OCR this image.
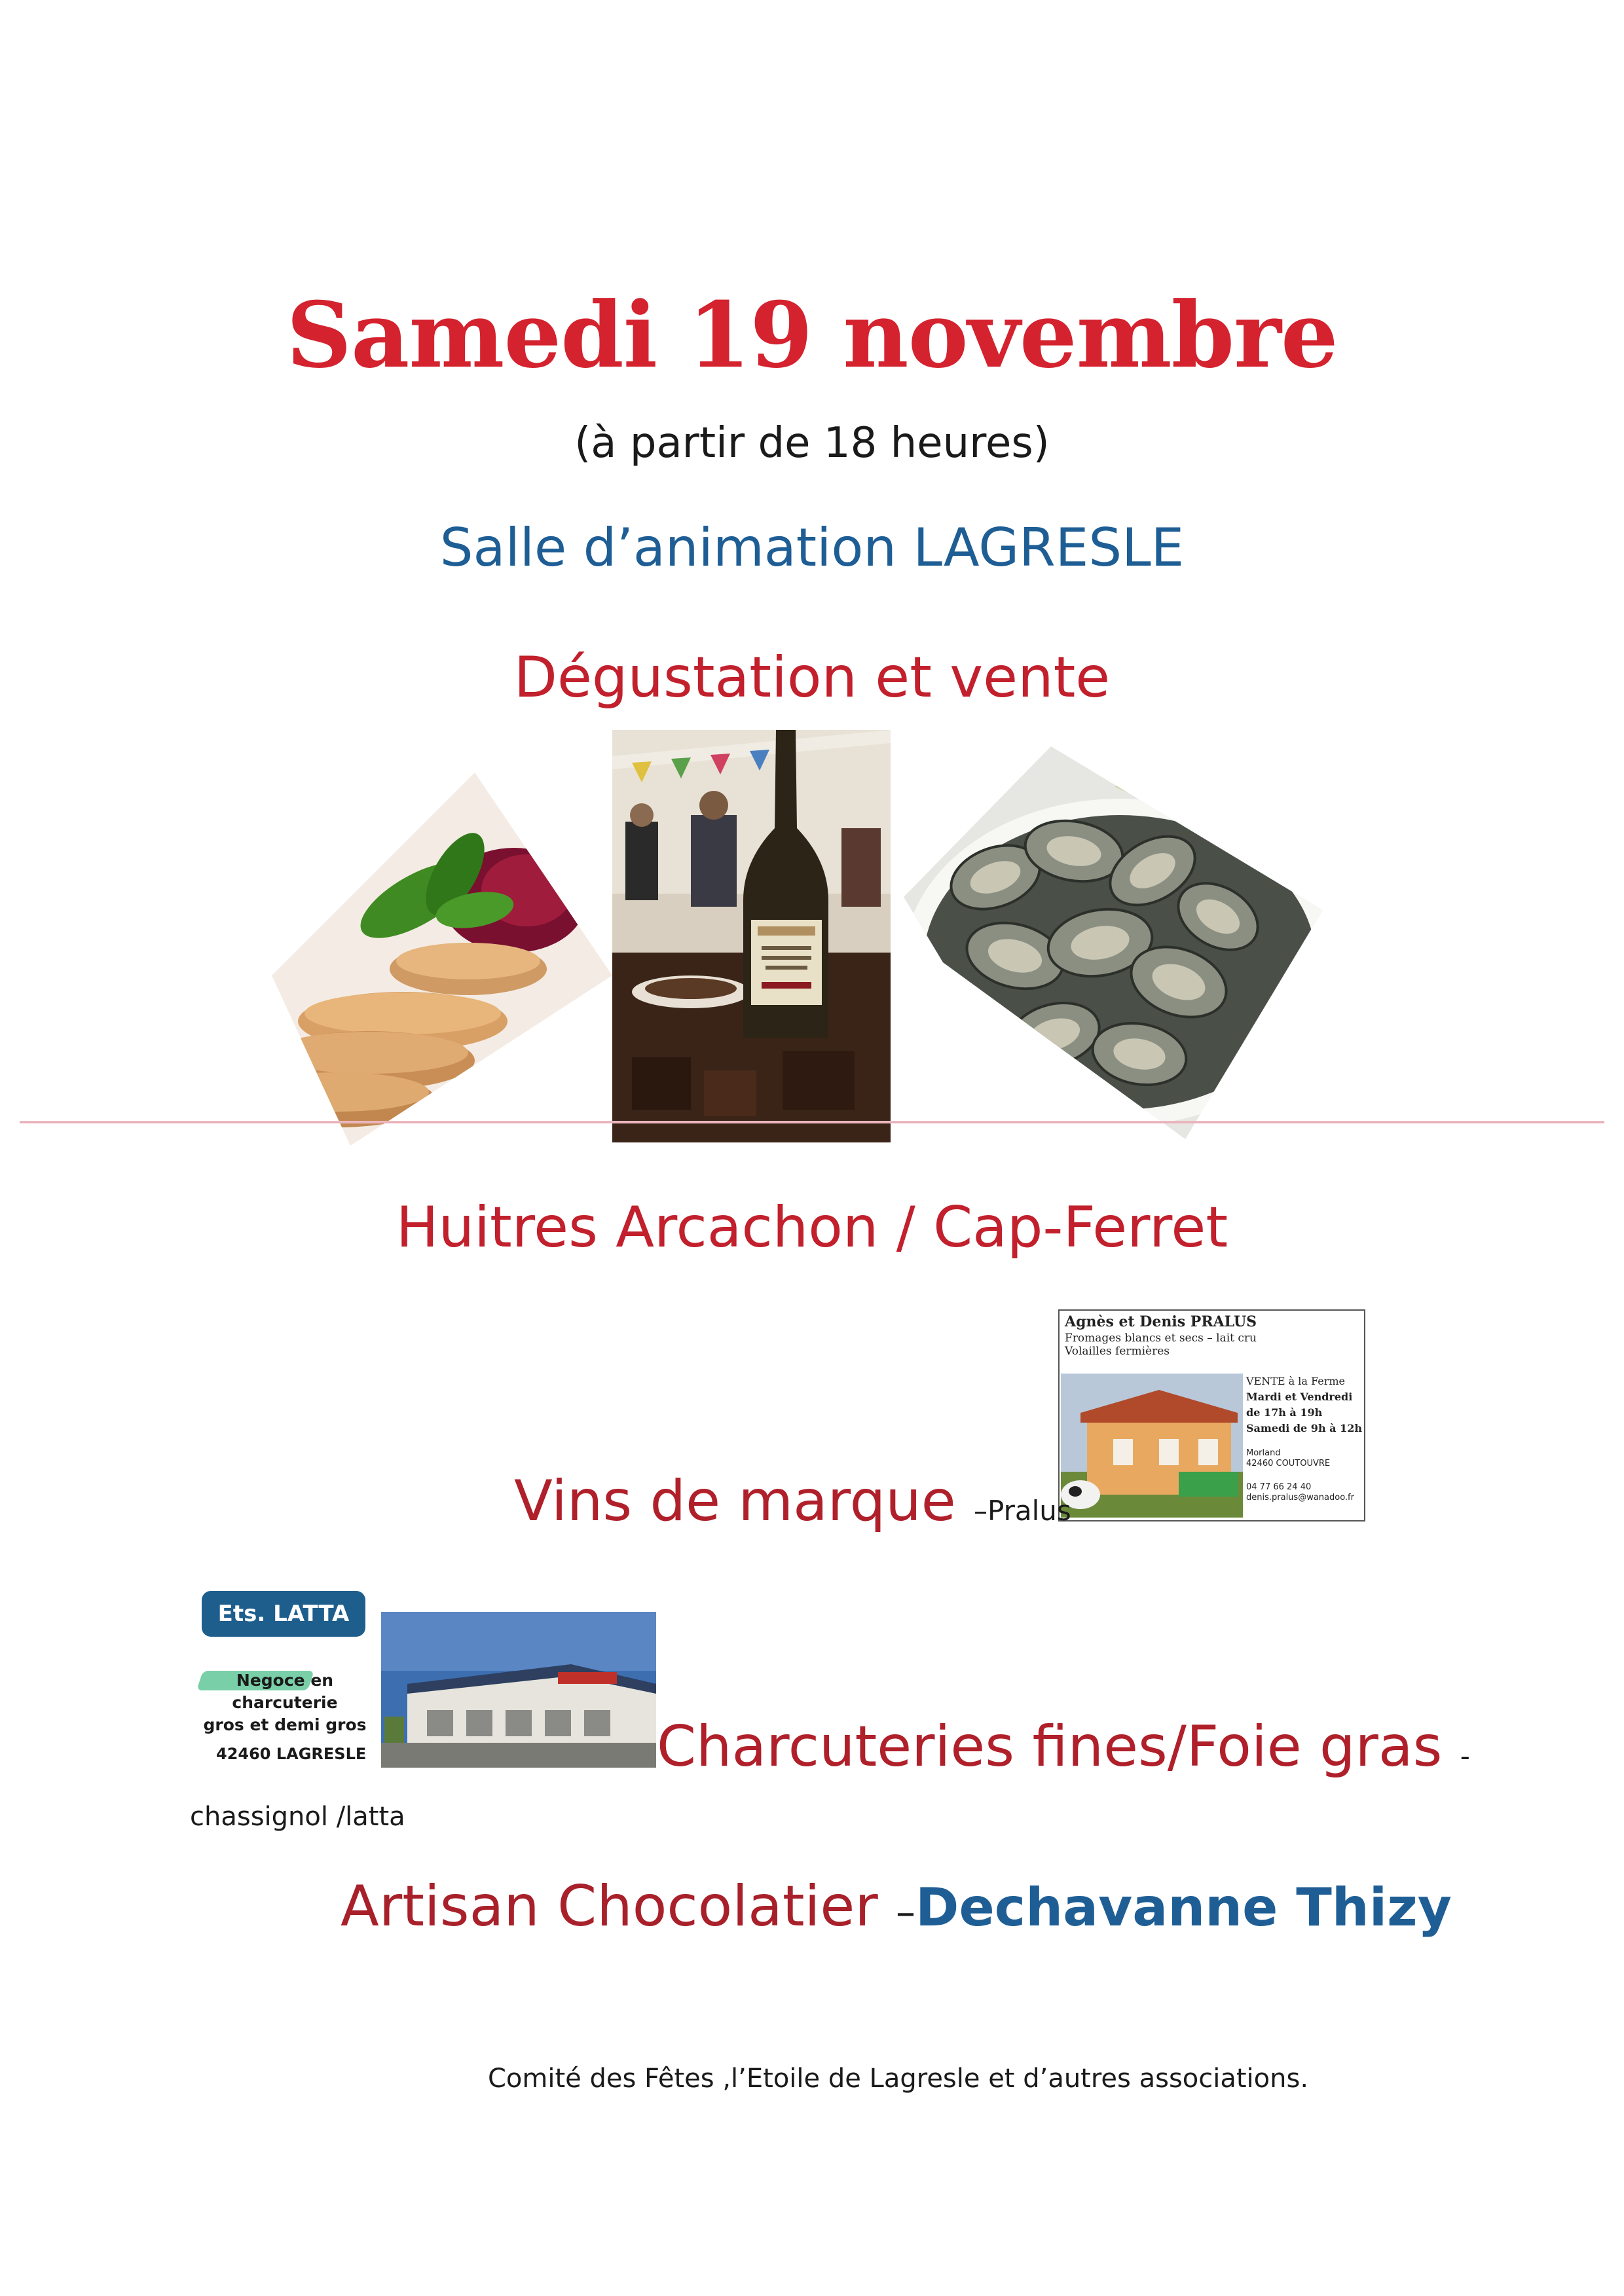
Samedi 19 novembre
(à partir de 18 heures)
Salle d’animation LAGRESLE
Dégustation et vente
Huitres Arcachon / Cap-Ferret
Agnès et Denis PRALUS
Fromages blancs et secs – lait cru
Volailles fermières
VENTE à la Ferme
Mardi et Vendredi
de 17h à 19h
Samedi de 9h à 12h
Morland
42460 COUTOUVRE
04 77 66 24 40
denis.pralus@wanadoo.fr
Vins de marque –Pralus
Ets. LATTA
Negoce en charcuterie
gros et demi gros
42460 LAGRESLE	Charcuteries fines/Foie gras -
chassignol /latta
Artisan Chocolatier –Dechavanne Thizy
Comité des Fêtes ,l’Etoile de Lagresle et d’autres associations.
